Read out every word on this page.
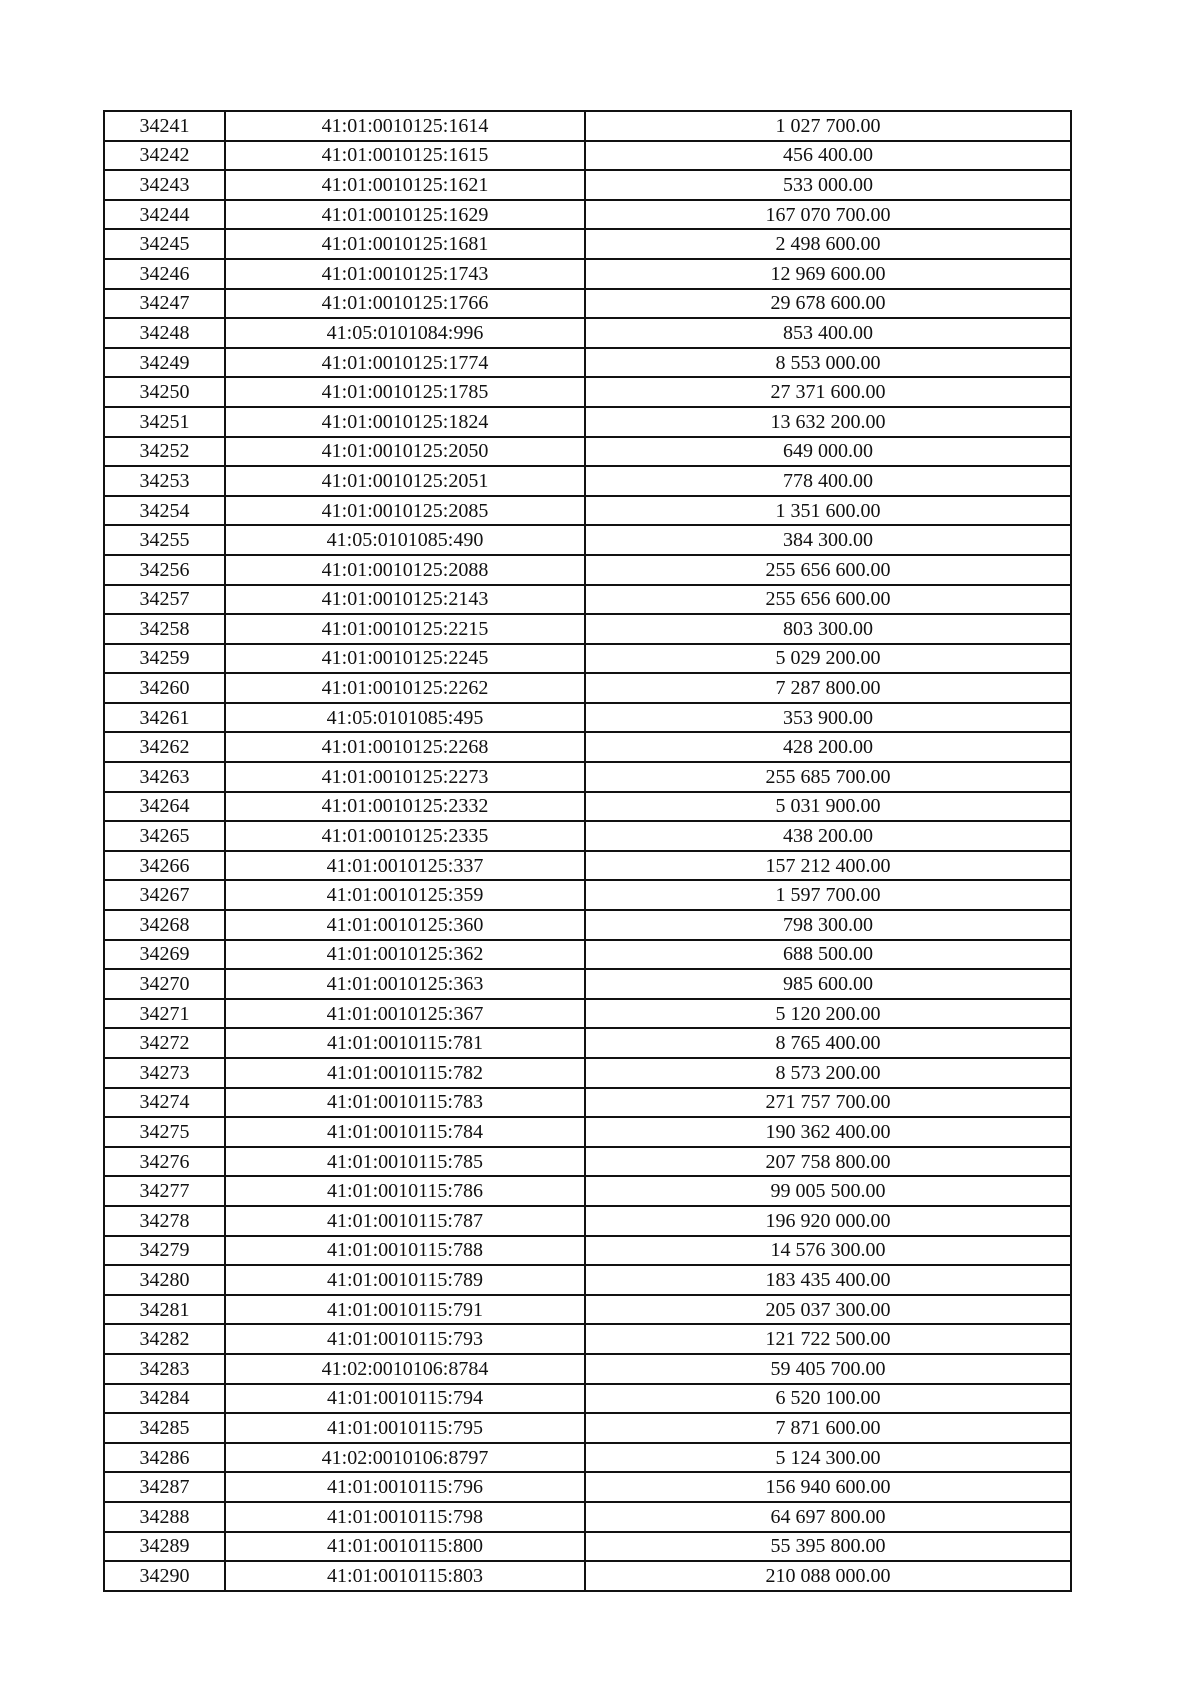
34241	41:01:0010125:1614	1 027 700.00
34242	41:01:0010125:1615	456 400.00
34243	41:01:0010125:1621	533 000.00
34244	41:01:0010125:1629	167 070 700.00
34245	41:01:0010125:1681	2 498 600.00
34246	41:01:0010125:1743	12 969 600.00
34247	41:01:0010125:1766	29 678 600.00
34248	41:05:0101084:996	853 400.00
34249	41:01:0010125:1774	8 553 000.00
34250	41:01:0010125:1785	27 371 600.00
34251	41:01:0010125:1824	13 632 200.00
34252	41:01:0010125:2050	649 000.00
34253	41:01:0010125:2051	778 400.00
34254	41:01:0010125:2085	1 351 600.00
34255	41:05:0101085:490	384 300.00
34256	41:01:0010125:2088	255 656 600.00
34257	41:01:0010125:2143	255 656 600.00
34258	41:01:0010125:2215	803 300.00
34259	41:01:0010125:2245	5 029 200.00
34260	41:01:0010125:2262	7 287 800.00
34261	41:05:0101085:495	353 900.00
34262	41:01:0010125:2268	428 200.00
34263	41:01:0010125:2273	255 685 700.00
34264	41:01:0010125:2332	5 031 900.00
34265	41:01:0010125:2335	438 200.00
34266	41:01:0010125:337	157 212 400.00
34267	41:01:0010125:359	1 597 700.00
34268	41:01:0010125:360	798 300.00
34269	41:01:0010125:362	688 500.00
34270	41:01:0010125:363	985 600.00
34271	41:01:0010125:367	5 120 200.00
34272	41:01:0010115:781	8 765 400.00
34273	41:01:0010115:782	8 573 200.00
34274	41:01:0010115:783	271 757 700.00
34275	41:01:0010115:784	190 362 400.00
34276	41:01:0010115:785	207 758 800.00
34277	41:01:0010115:786	99 005 500.00
34278	41:01:0010115:787	196 920 000.00
34279	41:01:0010115:788	14 576 300.00
34280	41:01:0010115:789	183 435 400.00
34281	41:01:0010115:791	205 037 300.00
34282	41:01:0010115:793	121 722 500.00
34283	41:02:0010106:8784	59 405 700.00
34284	41:01:0010115:794	6 520 100.00
34285	41:01:0010115:795	7 871 600.00
34286	41:02:0010106:8797	5 124 300.00
34287	41:01:0010115:796	156 940 600.00
34288	41:01:0010115:798	64 697 800.00
34289	41:01:0010115:800	55 395 800.00
34290	41:01:0010115:803	210 088 000.00
